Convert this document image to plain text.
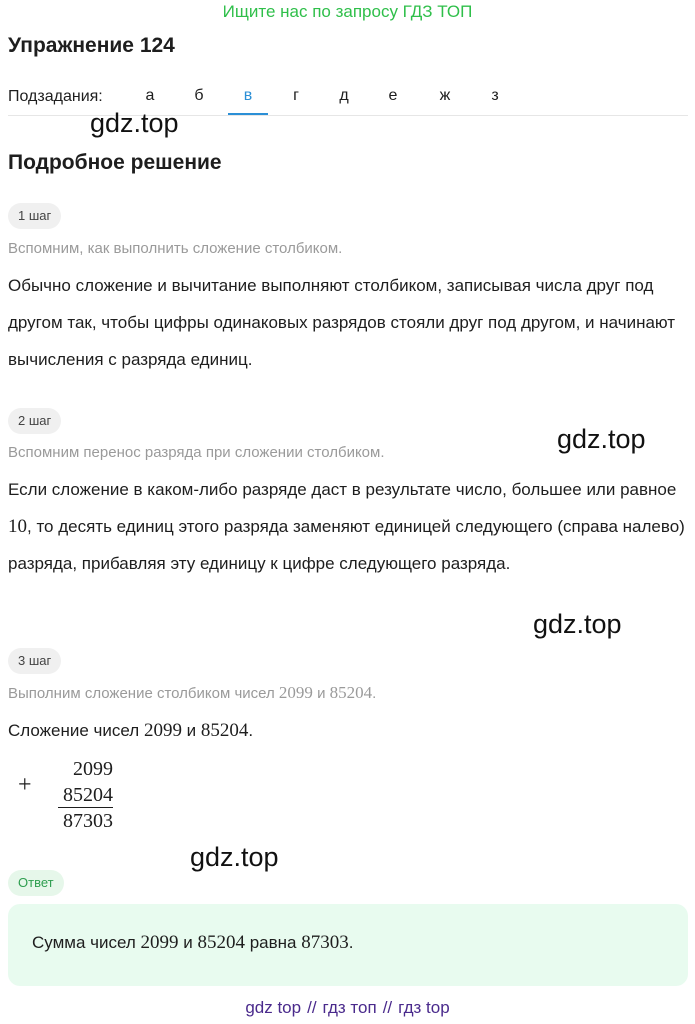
Ищите нас по запросу ГДЗ ТОП
Упражнение 124
Подзадания:	а	б	в	г	д	е	ж	з
gdz.top
Подробное решение
1 шаг
Вспомним, как выполнить сложение столбиком.

Обычно сложение и вычитание выполняют столбиком, записывая числа друг под другом так, чтобы цифры одинаковых разрядов стояли друг под другом, и начинают вычисления с разряда единиц.

2 шаг
gdz.top
Вспомним перенос разряда при сложении столбиком.

Если сложение в каком-либо разряде даст в результате число, большее или равное 10, то десять единиц этого разряда заменяют единицей следующего (справа налево) разряда, прибавляя эту единицу к цифре следующего разряда.

gdz.top
3 шаг
Выполним сложение столбиком чисел 2099 и 85204.

Сложение чисел 2099 и 85204.

+
2099
85204
87303
gdz.top
Ответ
Сумма чисел 2099 и 85204 равна 87303.
gdz top // гдз топ // гдз top
